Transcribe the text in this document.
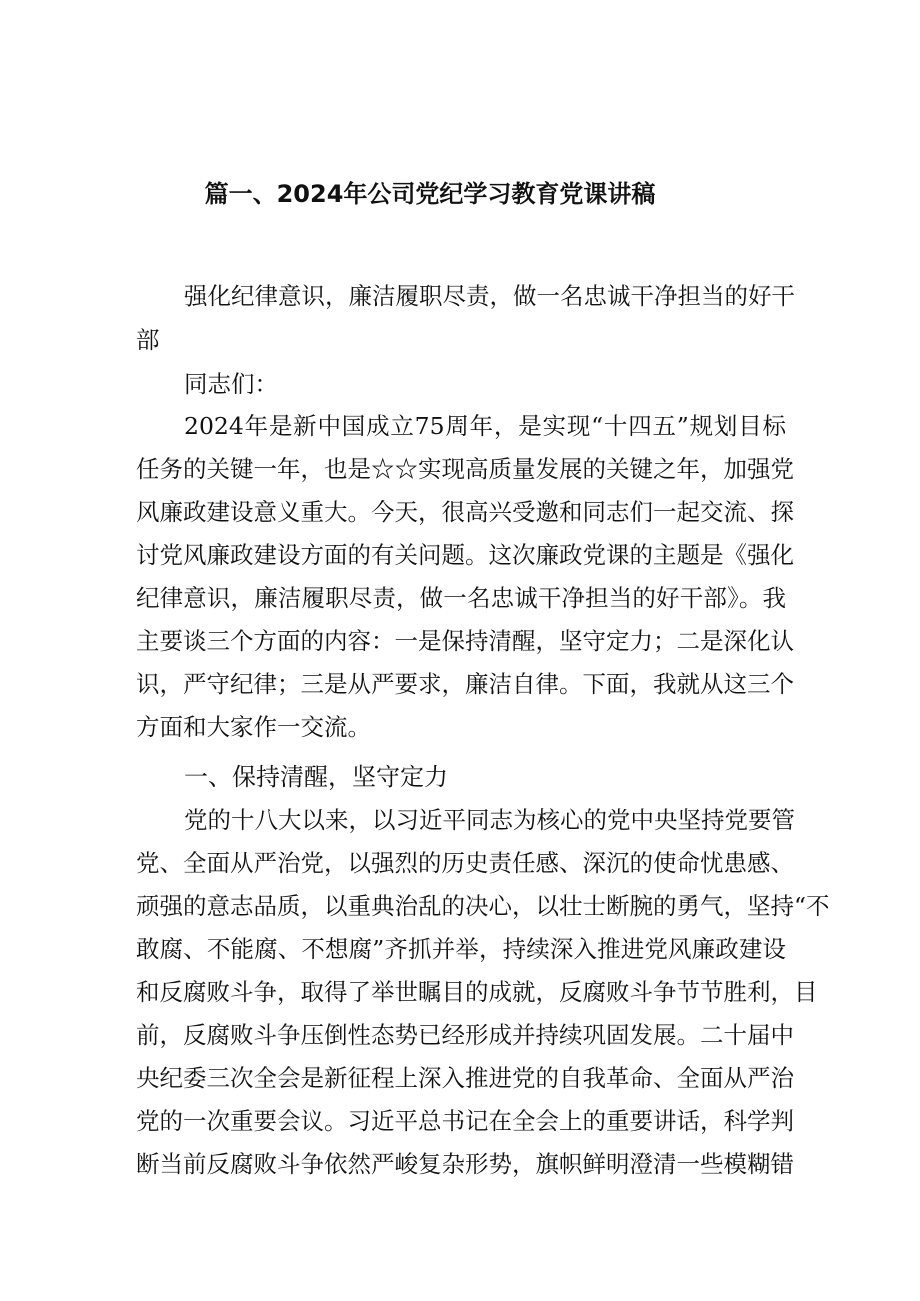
篇一、2024年公司党纪学习教育党课讲稿
强化纪律意识，廉洁履职尽责，做一名忠诚干净担当的好干
部
同志们：
2024年是新中国成立75周年，是实现“十四五”规划目标
任务的关键一年，也是☆☆实现高质量发展的关键之年，加强党
风廉政建设意义重大。今天，很高兴受邀和同志们一起交流、探
讨党风廉政建设方面的有关问题。这次廉政党课的主题是《强化
纪律意识，廉洁履职尽责，做一名忠诚干净担当的好干部》。我
主要谈三个方面的内容：一是保持清醒，坚守定力；二是深化认
识，严守纪律；三是从严要求，廉洁自律。下面，我就从这三个
方面和大家作一交流。
一、保持清醒，坚守定力
党的十八大以来，以习近平同志为核心的党中央坚持党要管
党、全面从严治党，以强烈的历史责任感、深沉的使命忧患感、
顽强的意志品质，以重典治乱的决心，以壮士断腕的勇气，坚持“不
敢腐、不能腐、不想腐”齐抓并举，持续深入推进党风廉政建设
和反腐败斗争，取得了举世瞩目的成就，反腐败斗争节节胜利，目
前，反腐败斗争压倒性态势已经形成并持续巩固发展。二十届中
央纪委三次全会是新征程上深入推进党的自我革命、全面从严治
党的一次重要会议。习近平总书记在全会上的重要讲话，科学判
断当前反腐败斗争依然严峻复杂形势，旗帜鲜明澄清一些模糊错
